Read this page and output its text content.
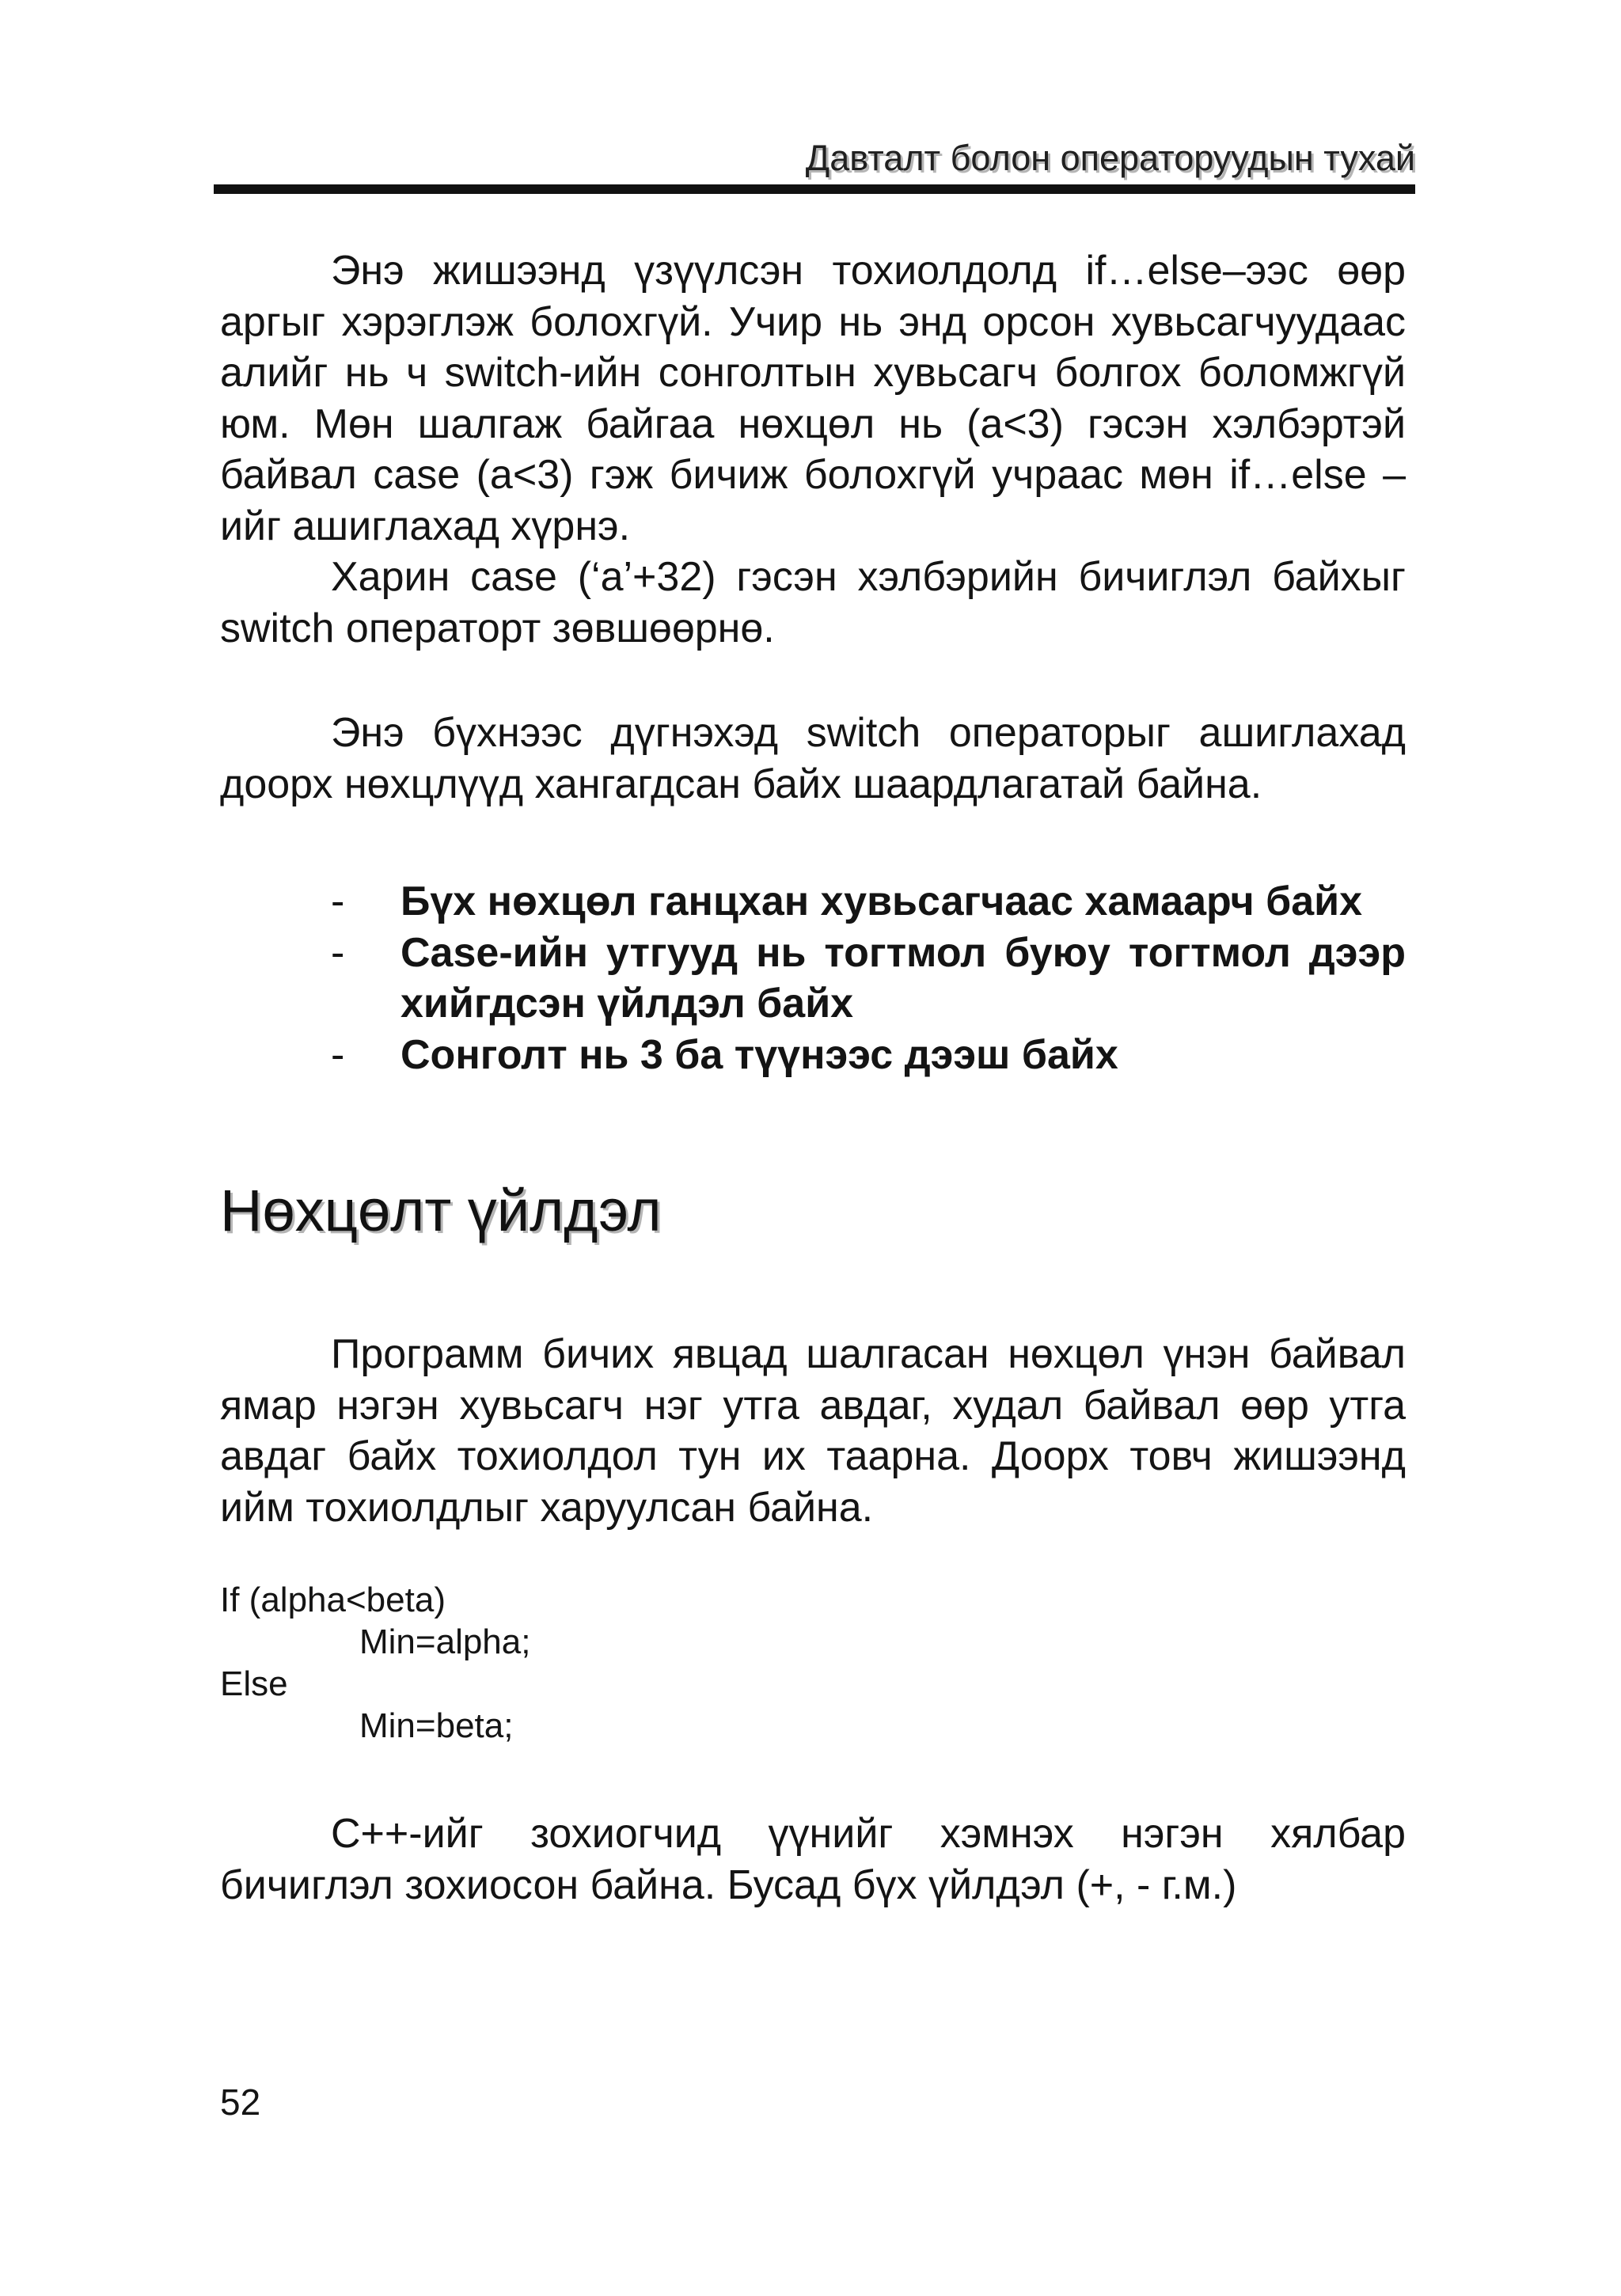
Давталт болон операторуудын тухай

Энэ жишээнд үзүүлсэн тохиолдолд if…else–ээс өөр аргыг хэрэглэж болохгүй. Учир нь энд орсон хувьсагчуудаас алийг нь ч switch-ийн сонголтын хувьсагч болгох боломжгүй юм. Мөн шалгаж байгаа нөхцөл нь (a<3) гэсэн хэлбэртэй байвал case (a<3) гэж бичиж болохгүй учраас мөн if…else –ийг ашиглахад хүрнэ.

Харин case (‘a’+32) гэсэн хэлбэрийн бичиглэл байхыг switch операторт зөвшөөрнө.

Энэ бүхнээс дүгнэхэд switch операторыг ашиглахад доорх нөхцлүүд хангагдсан байх шаардлагатай байна.

- Бүх нөхцөл ганцхан хувьсагчаас хамаарч байх
- Case-ийн утгууд нь тогтмол буюу тогтмол дээр хийгдсэн үйлдэл байх
- Сонголт нь 3 ба түүнээс дээш байх
Нөхцөлт үйлдэл

Программ бичих явцад шалгасан нөхцөл үнэн байвал ямар нэгэн хувьсагч нэг утга авдаг, худал байвал өөр утга авдаг байх тохиолдол тун их таарна. Доорх товч жишээнд ийм тохиолдлыг харуулсан байна.

If (alpha<beta)
Min=alpha;
Else
Min=beta;

С++-ийг зохиогчид үүнийг хэмнэх нэгэн хялбар бичиглэл зохиосон байна. Бусад бүх үйлдэл (+, - г.м.)

52
